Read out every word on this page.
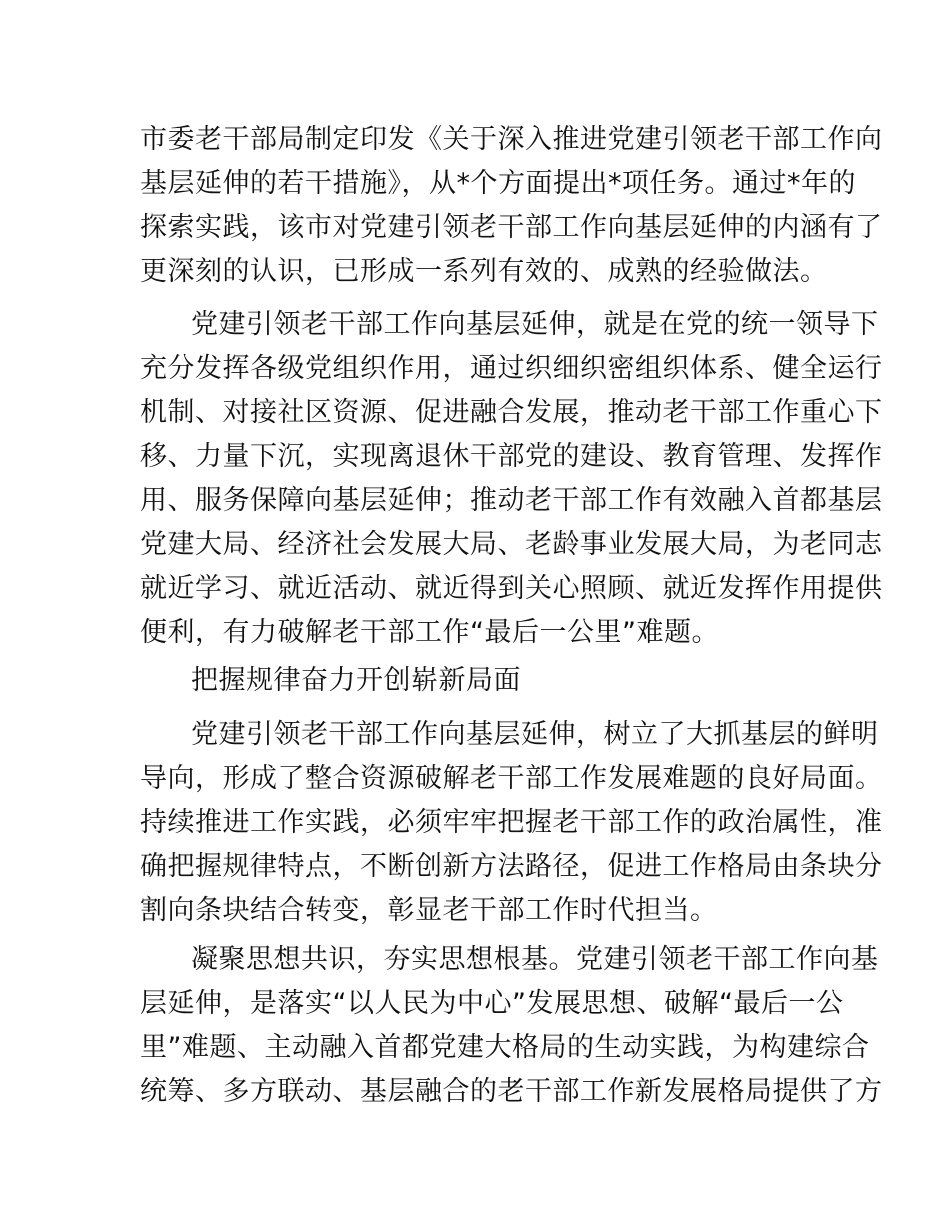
市委老干部局制定印发《关于深入推进党建引领老干部工作向
基层延伸的若干措施》，从*个方面提出*项任务。通过*年的
探索实践，该市对党建引领老干部工作向基层延伸的内涵有了
更深刻的认识，已形成一系列有效的、成熟的经验做法。
党建引领老干部工作向基层延伸，就是在党的统一领导下
充分发挥各级党组织作用，通过织细织密组织体系、健全运行
机制、对接社区资源、促进融合发展，推动老干部工作重心下
移、力量下沉，实现离退休干部党的建设、教育管理、发挥作
用、服务保障向基层延伸；推动老干部工作有效融入首都基层
党建大局、经济社会发展大局、老龄事业发展大局，为老同志
就近学习、就近活动、就近得到关心照顾、就近发挥作用提供
便利，有力破解老干部工作“最后一公里”难题。
把握规律奋力开创崭新局面
党建引领老干部工作向基层延伸，树立了大抓基层的鲜明
导向，形成了整合资源破解老干部工作发展难题的良好局面。
持续推进工作实践，必须牢牢把握老干部工作的政治属性，准
确把握规律特点，不断创新方法路径，促进工作格局由条块分
割向条块结合转变，彰显老干部工作时代担当。
凝聚思想共识，夯实思想根基。党建引领老干部工作向基
层延伸，是落实“以人民为中心”发展思想、破解“最后一公
里”难题、主动融入首都党建大格局的生动实践，为构建综合
统筹、多方联动、基层融合的老干部工作新发展格局提供了方
